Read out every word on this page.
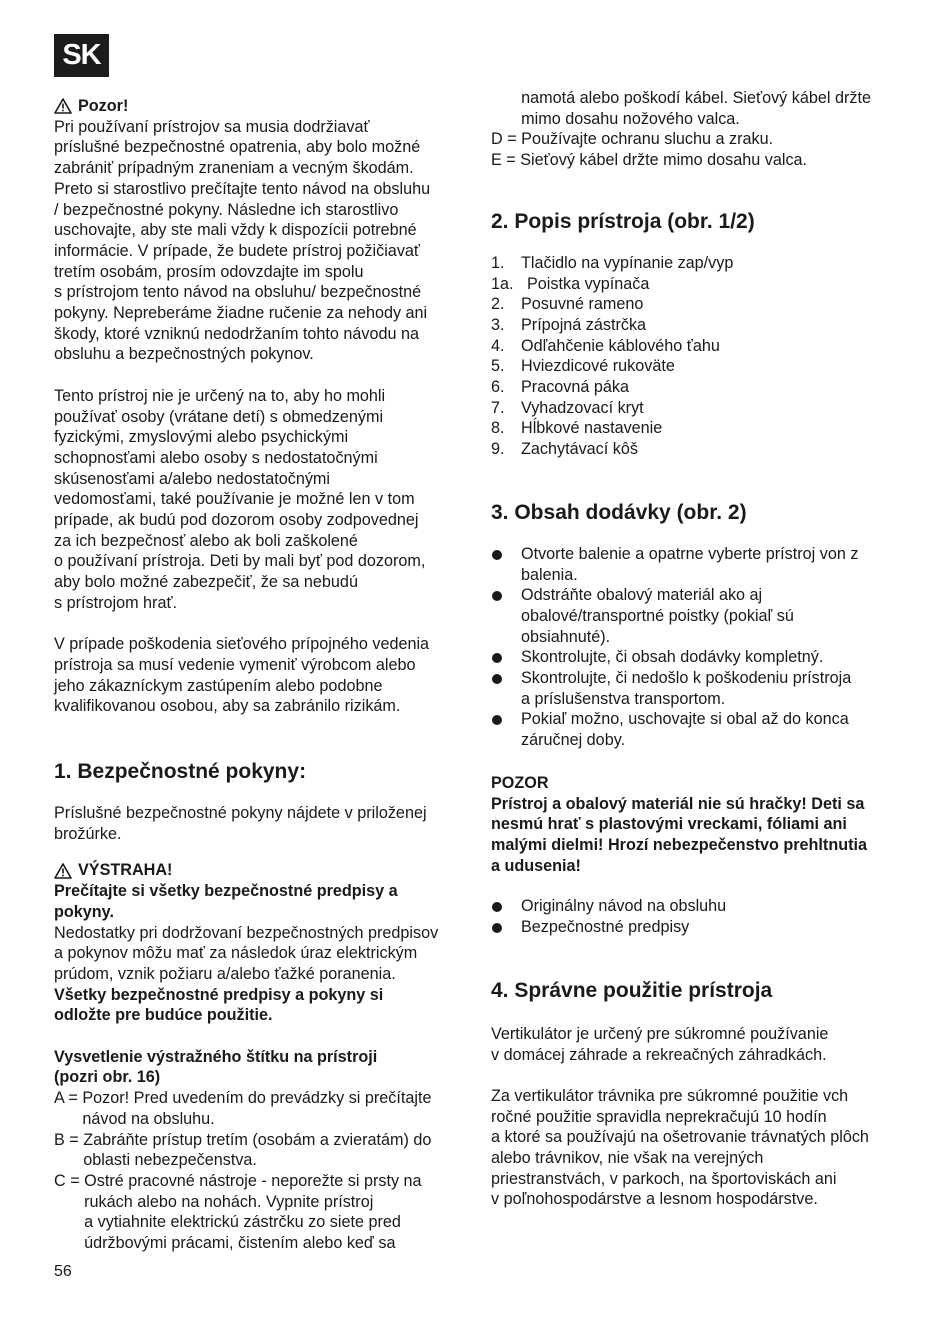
SK
Pozor!

Pri používaní prístrojov sa musia dodržiavať
príslušné bezpečnostné opatrenia, aby bolo možné
zabrániť prípadným zraneniam a vecným škodám.
Preto si starostlivo prečítajte tento návod na obsluhu
/ bezpečnostné pokyny. Následne ich starostlivo
uschovajte, aby ste mali vždy k dispozícii potrebné
informácie. V prípade, že budete prístroj požičiavať
tretím osobám, prosím odovzdajte im spolu
s prístrojom tento návod na obsluhu/ bezpečnostné
pokyny. Nepreberáme žiadne ručenie za nehody ani
škody, ktoré vzniknú nedodržaním tohto návodu na
obsluhu a bezpečnostných pokynov.

Tento prístroj nie je určený na to, aby ho mohli
používať osoby (vrátane detí) s obmedzenými
fyzickými, zmyslovými alebo psychickými
schopnosťami alebo osoby s nedostatočnými
skúsenosťami a/alebo nedostatočnými
vedomosťami, také používanie je možné len v tom
prípade, ak budú pod dozorom osoby zodpovednej
za ich bezpečnosť alebo ak boli zaškolené
o používaní prístroja. Deti by mali byť pod dozorom,
aby bolo možné zabezpečiť, že sa nebudú
s prístrojom hrať.

V prípade poškodenia sieťového prípojného vedenia
prístroja sa musí vedenie vymeniť výrobcom alebo
jeho zákazníckym zastúpením alebo podobne
kvalifikovanou osobou, aby sa zabránilo rizikám.

1. Bezpečnostné pokyny:

Príslušné bezpečnostné pokyny nájdete v priloženej
brožúrke.

VÝSTRAHA!

Prečítajte si všetky bezpečnostné predpisy a
pokyny.

Nedostatky pri dodržovaní bezpečnostných predpisov
a pokynov môžu mať za následok úraz elektrickým
prúdom, vznik požiaru a/alebo ťažké poranenia.

Všetky bezpečnostné predpisy a pokyny si
odložte pre budúce použitie.

Vysvetlenie výstražného štítku na prístroji
(pozri obr. 16)

A = Pozor! Pred uvedením do prevádzky si prečítajte
návod na obsluhu.
B = Zabráňte prístup tretím (osobám a zvieratám) do
oblasti nebezpečenstva.
C = Ostré pracovné nástroje - neporežte si prsty na
rukách alebo na nohách. Vypnite prístroj
a vytiahnite elektrickú zástrčku zo siete pred
údržbovými prácami, čistením alebo keď sa
namotá alebo poškodí kábel. Sieťový kábel držte
mimo dosahu nožového valca.
D = Používajte ochranu sluchu a zraku.
E = Sieťový kábel držte mimo dosahu valca.
2. Popis prístroja (obr. 1/2)
1.	Tlačidlo na vypínanie zap/vyp
1a. Poistka vypínača
2.	Posuvné rameno
3.	Prípojná zástrčka
4.	Odľahčenie káblového ťahu
5.	Hviezdicové rukoväte
6.	Pracovná páka
7.	Vyhadzovací kryt
8.	Hĺbkové nastavenie
9.	Zachytávací kôš
3. Obsah dodávky (obr. 2)
Otvorte balenie a opatrne vyberte prístroj von z
balenia.
Odstráňte obalový materiál ako aj
obalové/transportné poistky (pokiaľ sú
obsiahnuté).
Skontrolujte, či obsah dodávky kompletný.
Skontrolujte, či nedošlo k poškodeniu prístroja
a príslušenstva transportom.
Pokiaľ možno, uschovajte si obal až do konca
záručnej doby.

POZOR

Prístroj a obalový materiál nie sú hračky! Deti sa
nesmú hrať s plastovými vreckami, fóliami ani
malými dielmi! Hrozí nebezpečenstvo prehltnutia
a udusenia!

Originálny návod na obsluhu
Bezpečnostné predpisy
4. Správne použitie prístroja

Vertikulátor je určený pre súkromné používanie
v domácej záhrade a rekreačných záhradkách.

Za vertikulátor trávnika pre súkromné použitie vch
ročné použitie spravidla neprekračujú 10 hodín
a ktoré sa používajú na ošetrovanie trávnatých plôch
alebo trávnikov, nie však na verejných
priestranstvách, v parkoch, na športoviskách ani
v poľnohospodárstve a lesnom hospodárstve.

56
